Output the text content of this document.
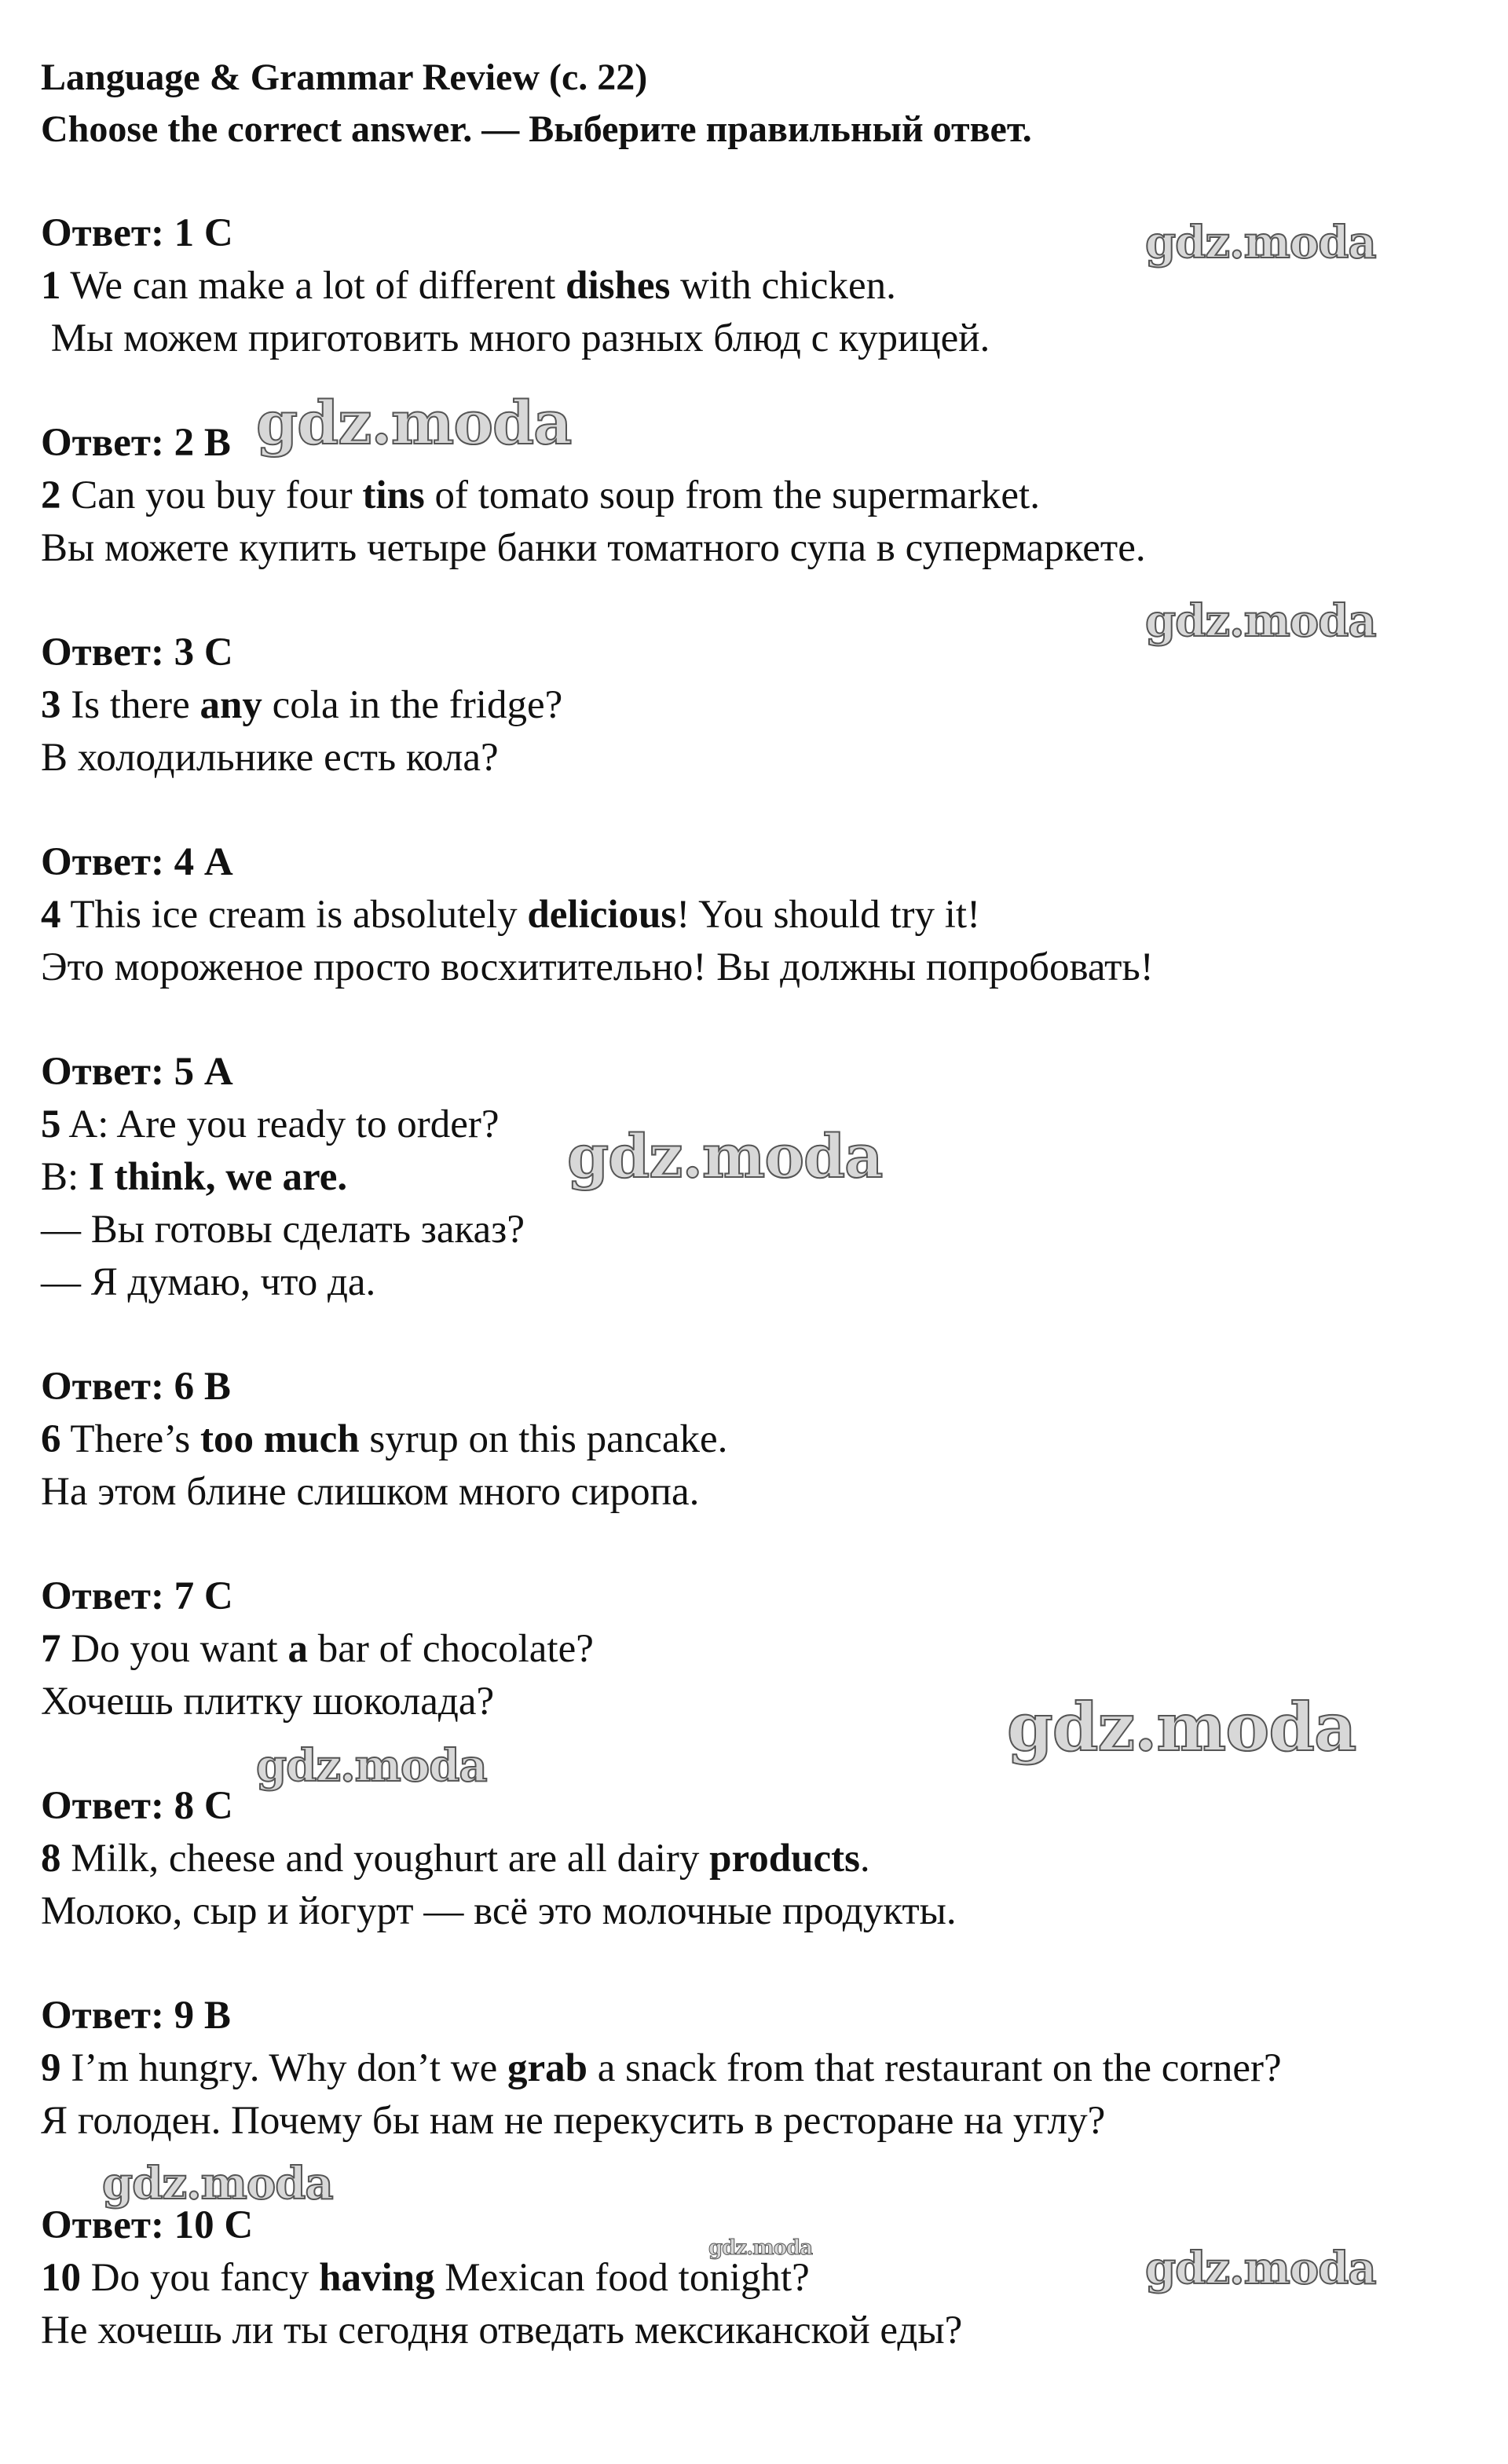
Language & Grammar Review (c. 22)

Choose the correct answer. — Выберите правильный ответ.

Ответ: 1 C

1 We can make a lot of different dishes with chicken.

Мы можем приготовить много разных блюд с курицей.

Ответ: 2 B

2 Can you buy four tins of tomato soup from the supermarket.

Вы можете купить четыре банки томатного супа в супермаркете.

Ответ: 3 C

3 Is there any cola in the fridge?

В холодильнике есть кола?

Ответ: 4 A

4 This ice cream is absolutely delicious! You should try it!

Это мороженое просто восхитительно! Вы должны попробовать!

Ответ: 5 A

5 A: Are you ready to order?

B: I think, we are.

— Вы готовы сделать заказ?

— Я думаю, что да.

Ответ: 6 B

6 There’s too much syrup on this pancake.

На этом блине слишком много сиропа.

Ответ: 7 C

7 Do you want a bar of chocolate?

Хочешь плитку шоколада?

Ответ: 8 C

8 Milk, cheese and youghurt are all dairy products.

Молоко, сыр и йогурт — всё это молочные продукты.

Ответ: 9 B

9 I’m hungry. Why don’t we grab a snack from that restaurant on the corner?

Я голоден. Почему бы нам не перекусить в ресторане на углу?

Ответ: 10 C

10 Do you fancy having Mexican food tonight?

Не хочешь ли ты сегодня отведать мексиканской еды?

gdz.moda
gdz.moda
gdz.moda
gdz.moda
gdz.moda
gdz.moda
gdz.moda
gdz.moda	gdz.moda
